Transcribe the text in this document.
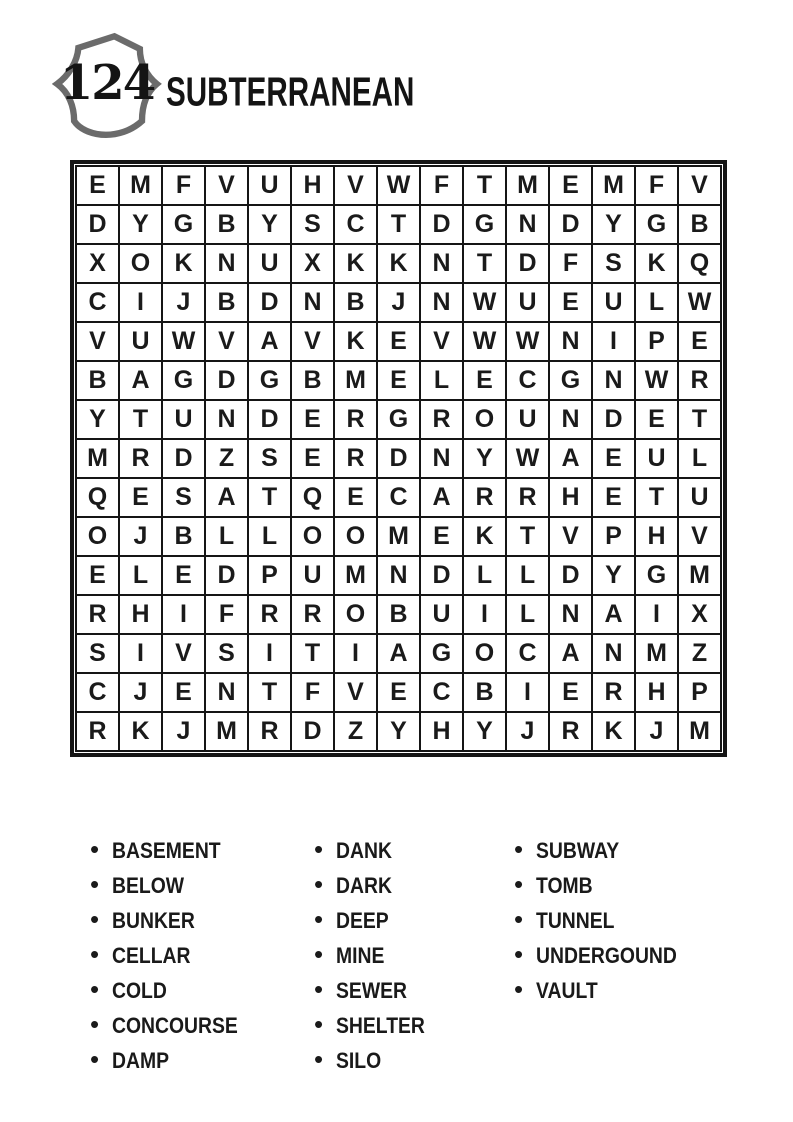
124 SUBTERRANEAN
E	M	F	V	U	H	V	W	F	T	M	E	M	F	V
D	Y	G	B	Y	S	C	T	D	G	N	D	Y	G	B
X	O	K	N	U	X	K	K	N	T	D	F	S	K	Q
C	I	J	B	D	N	B	J	N	W	U	E	U	L	W
V	U	W	V	A	V	K	E	V	W	W	N	I	P	E
B	A	G	D	G	B	M	E	L	E	C	G	N	W	R
Y	T	U	N	D	E	R	G	R	O	U	N	D	E	T
M	R	D	Z	S	E	R	D	N	Y	W	A	E	U	L
Q	E	S	A	T	Q	E	C	A	R	R	H	E	T	U
O	J	B	L	L	O	O	M	E	K	T	V	P	H	V
E	L	E	D	P	U	M	N	D	L	L	D	Y	G	M
R	H	I	F	R	R	O	B	U	I	L	N	A	I	X
S	I	V	S	I	T	I	A	G	O	C	A	N	M	Z
C	J	E	N	T	F	V	E	C	B	I	E	R	H	P
R	K	J	M	R	D	Z	Y	H	Y	J	R	K	J	M
• BASEMENT
• BELOW
• BUNKER
• CELLAR
• COLD
• CONCOURSE
• DAMP
• DANK
• DARK
• DEEP
• MINE
• SEWER
• SHELTER
• SILO
• SUBWAY
• TOMB
• TUNNEL
• UNDERGOUND
• VAULT
